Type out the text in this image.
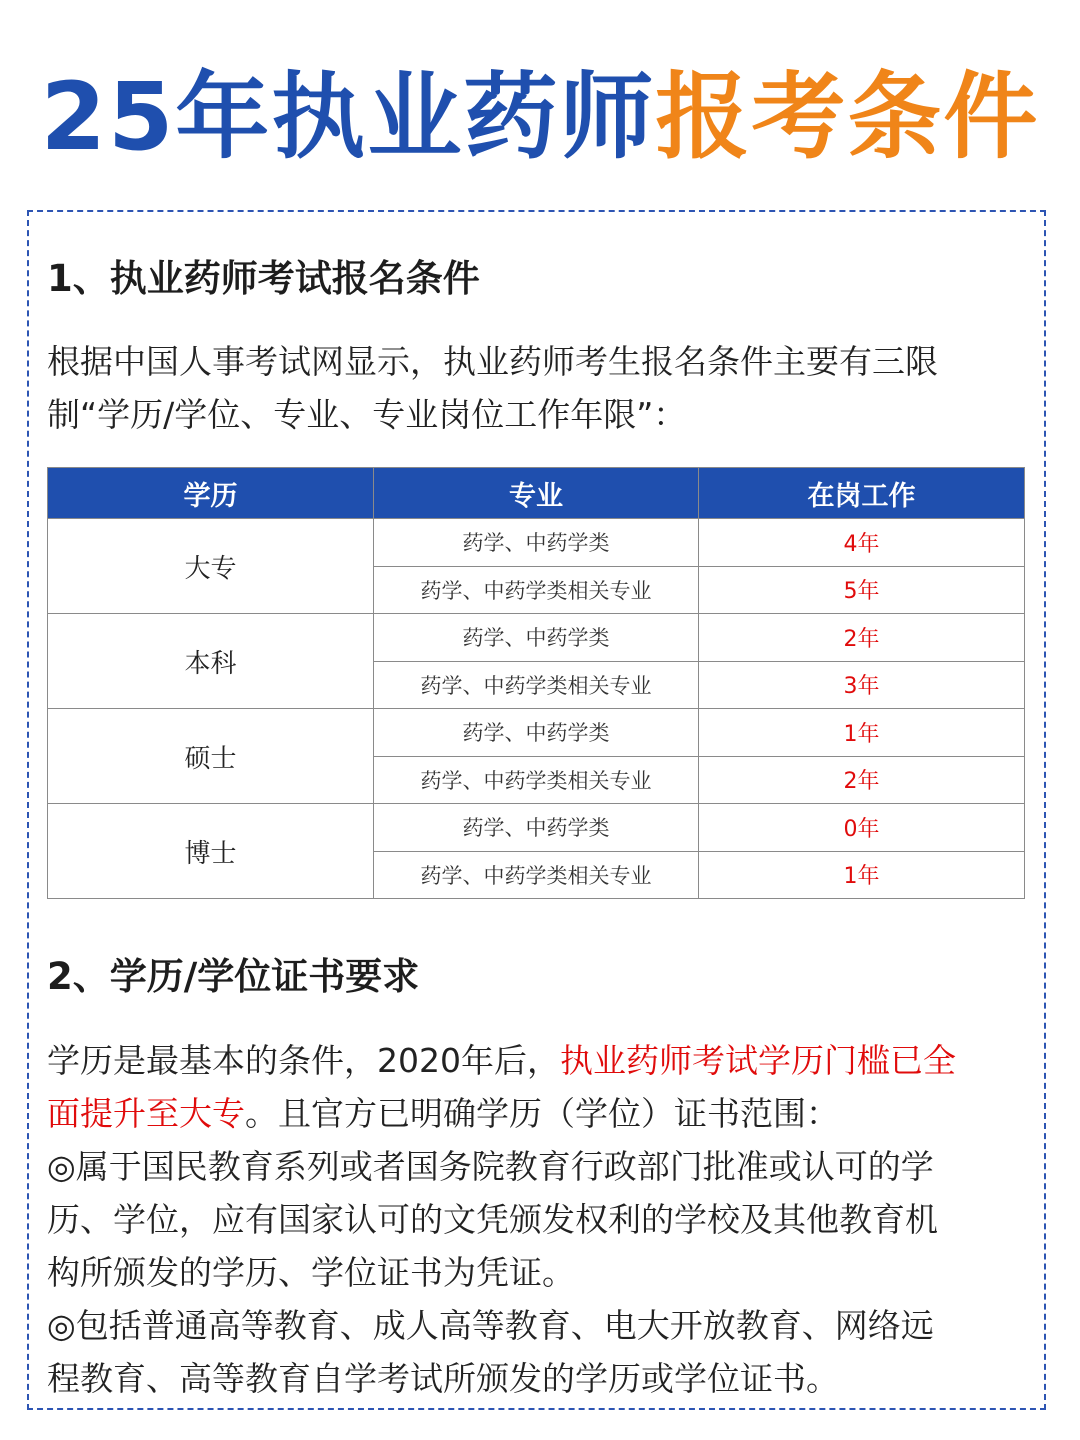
25年执业药师报考条件
1、执业药师考试报名条件
根据中国人事考试网显示，执业药师考生报名条件主要有三限
制“学历/学位、专业、专业岗位工作年限”：
学历	专业	在岗工作
大专	药学、中药学类	4年
	药学、中药学类相关专业	5年
本科	药学、中药学类	2年
	药学、中药学类相关专业	3年
硕士	药学、中药学类	1年
	药学、中药学类相关专业	2年
博士	药学、中药学类	0年
	药学、中药学类相关专业	1年
2、学历/学位证书要求
学历是最基本的条件，2020年后，执业药师考试学历门槛已全
面提升至大专。且官方已明确学历（学位）证书范围：
◎属于国民教育系列或者国务院教育行政部门批准或认可的学
历、学位，应有国家认可的文凭颁发权利的学校及其他教育机
构所颁发的学历、学位证书为凭证。
◎包括普通高等教育、成人高等教育、电大开放教育、网络远
程教育、高等教育自学考试所颁发的学历或学位证书。
